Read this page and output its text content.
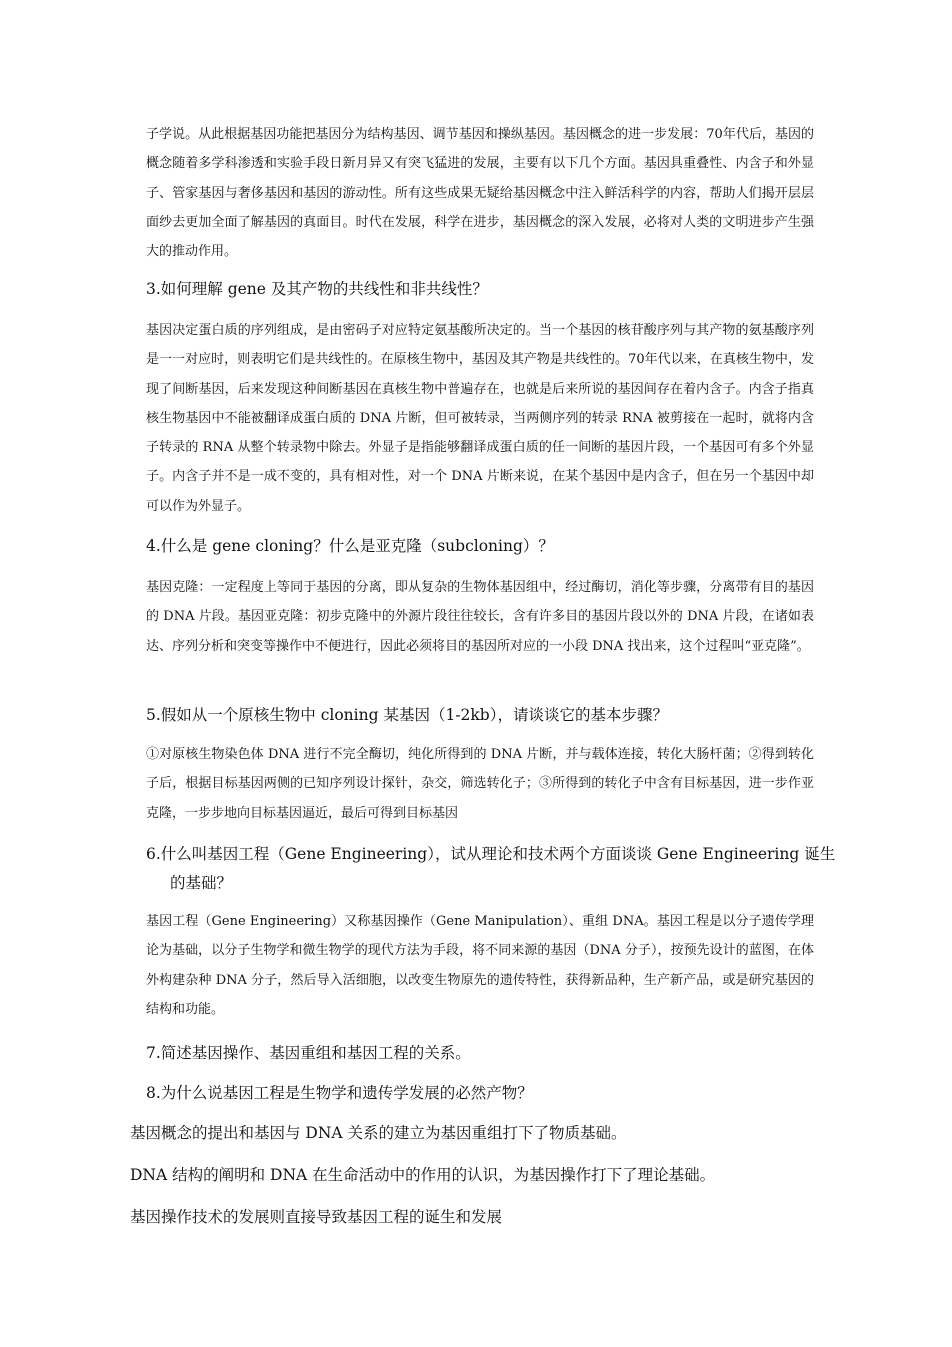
子学说。从此根据基因功能把基因分为结构基因、调节基因和操纵基因。基因概念的进一步发展：70年代后，基因的概念随着多学科渗透和实验手段日新月异又有突飞猛进的发展，主要有以下几个方面。基因具重叠性、内含子和外显子、管家基因与奢侈基因和基因的游动性。所有这些成果无疑给基因概念中注入鲜活科学的内容，帮助人们揭开层层面纱去更加全面了解基因的真面目。时代在发展，科学在进步，基因概念的深入发展，必将对人类的文明进步产生强大的推动作用。

3.如何理解 gene 及其产物的共线性和非共线性？

基因决定蛋白质的序列组成，是由密码子对应特定氨基酸所决定的。当一个基因的核苷酸序列与其产物的氨基酸序列是一一对应时，则表明它们是共线性的。在原核生物中，基因及其产物是共线性的。70年代以来，在真核生物中，发现了间断基因，后来发现这种间断基因在真核生物中普遍存在，也就是后来所说的基因间存在着内含子。内含子指真核生物基因中不能被翻译成蛋白质的 DNA 片断，但可被转录，当两侧序列的转录 RNA 被剪接在一起时，就将内含子转录的 RNA 从整个转录物中除去。外显子是指能够翻译成蛋白质的任一间断的基因片段，一个基因可有多个外显子。内含子并不是一成不变的，具有相对性，对一个 DNA 片断来说，在某个基因中是内含子，但在另一个基因中却可以作为外显子。

4.什么是 gene cloning？什么是亚克隆（subcloning）？

基因克隆：一定程度上等同于基因的分离，即从复杂的生物体基因组中，经过酶切，消化等步骤，分离带有目的基因的 DNA 片段。基因亚克隆：初步克隆中的外源片段往往较长，含有许多目的基因片段以外的 DNA 片段，在诸如表达、序列分析和突变等操作中不便进行，因此必须将目的基因所对应的一小段 DNA 找出来，这个过程叫“亚克隆”。

5.假如从一个原核生物中 cloning 某基因（1-2kb），请谈谈它的基本步骤？

①对原核生物染色体 DNA 进行不完全酶切，纯化所得到的 DNA 片断，并与载体连接，转化大肠杆菌；②得到转化子后，根据目标基因两侧的已知序列设计探针，杂交，筛选转化子；③所得到的转化子中含有目标基因，进一步作亚克隆，一步步地向目标基因逼近，最后可得到目标基因

6.什么叫基因工程（Gene Engineering），试从理论和技术两个方面谈谈 Gene Engineering 诞生的基础？

基因工程（Gene Engineering）又称基因操作（Gene Manipulation）、重组 DNA。基因工程是以分子遗传学理论为基础，以分子生物学和微生物学的现代方法为手段，将不同来源的基因（DNA 分子），按预先设计的蓝图，在体外构建杂种 DNA 分子，然后导入活细胞，以改变生物原先的遗传特性，获得新品种，生产新产品，或是研究基因的结构和功能。

7.简述基因操作、基因重组和基因工程的关系。

8.为什么说基因工程是生物学和遗传学发展的必然产物？

基因概念的提出和基因与 DNA 关系的建立为基因重组打下了物质基础。

DNA 结构的阐明和 DNA 在生命活动中的作用的认识，为基因操作打下了理论基础。

基因操作技术的发展则直接导致基因工程的诞生和发展
